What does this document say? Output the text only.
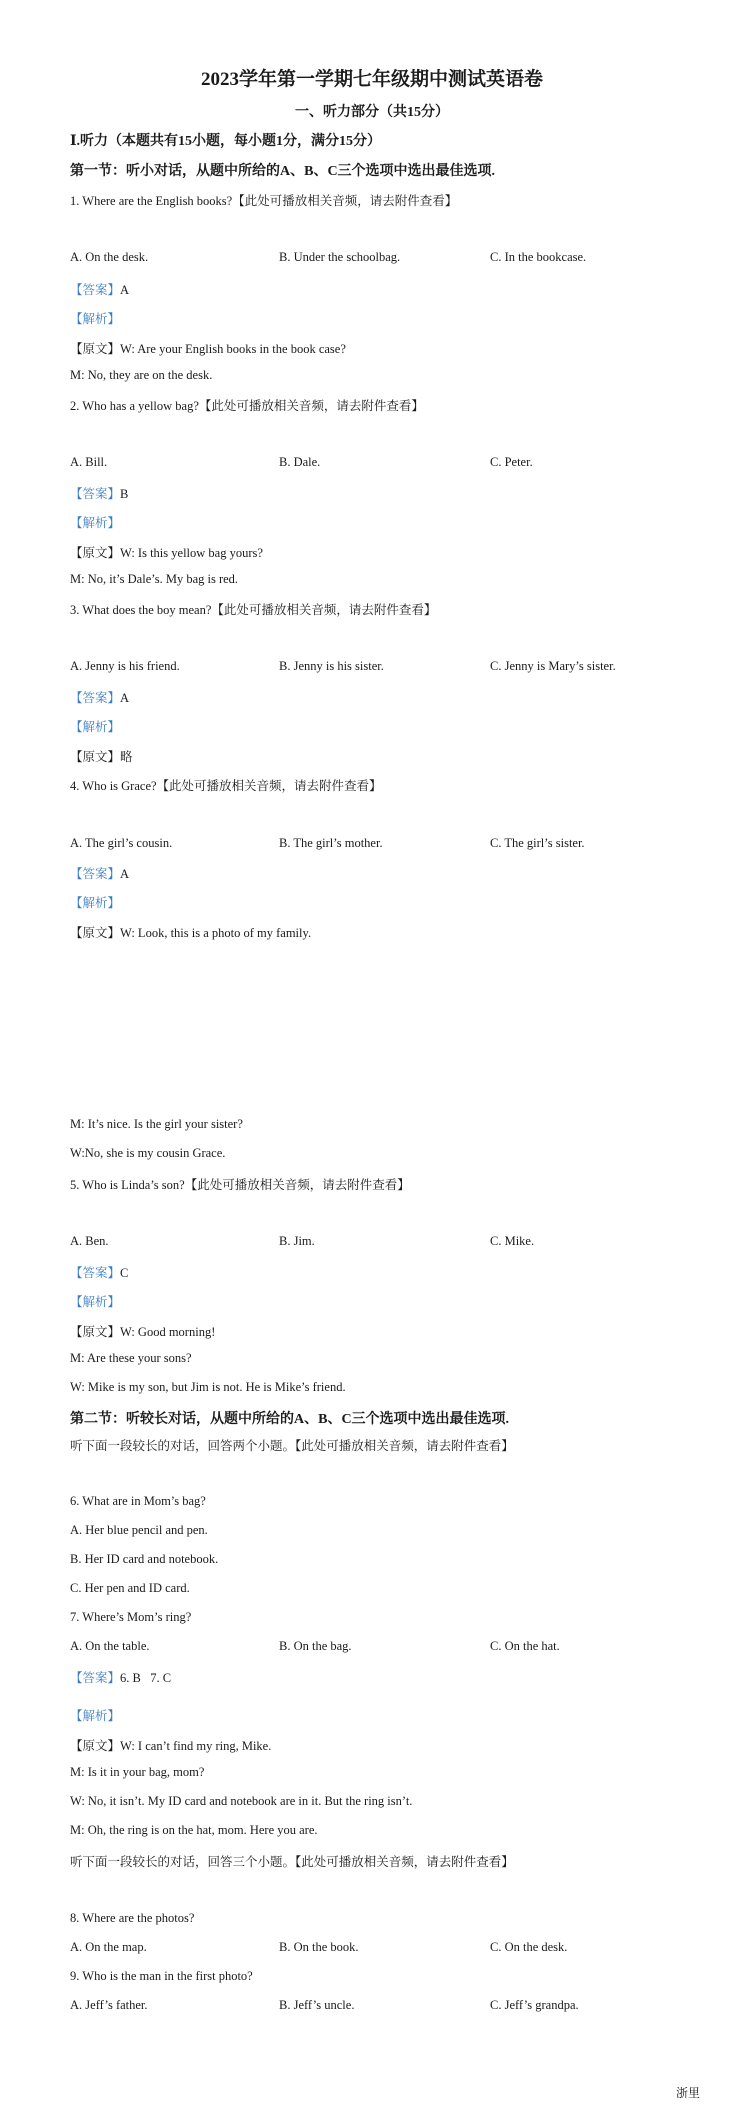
2023学年第一学期七年级期中测试英语卷
一、听力部分（共15分）
Ⅰ.听力（本题共有15小题，每小题1分，满分15分）
第一节：听小对话，从题中所给的A、B、C三个选项中选出最佳选项.
1. Where are the English books?【此处可播放相关音频，请去附件查看】
A. On the desk.	B. Under the schoolbag.	C. In the bookcase.
【答案】A
【解析】
【原文】W: Are your English books in the book case?
M: No, they are on the desk.
2. Who has a yellow bag?【此处可播放相关音频，请去附件查看】
A. Bill.	B. Dale.	C. Peter.
【答案】B
【解析】
【原文】W: Is this yellow bag yours?
M: No, it’s Dale’s. My bag is red.
3. What does the boy mean?【此处可播放相关音频，请去附件查看】
A. Jenny is his friend.	B. Jenny is his sister.	C. Jenny is Mary’s sister.
【答案】A
【解析】
【原文】略
4. Who is Grace?【此处可播放相关音频，请去附件查看】
A. The girl’s cousin.	B. The girl’s mother.	C. The girl’s sister.
【答案】A
【解析】
【原文】W: Look, this is a photo of my family.
M: It’s nice. Is the girl your sister?
W:No, she is my cousin Grace.
5. Who is Linda’s son?【此处可播放相关音频，请去附件查看】
A. Ben.	B. Jim.	C. Mike.
【答案】C
【解析】
【原文】W: Good morning!
M: Are these your sons?
W: Mike is my son, but Jim is not. He is Mike’s friend.
第二节：听较长对话，从题中所给的A、B、C三个选项中选出最佳选项.
听下面一段较长的对话，回答两个小题。【此处可播放相关音频，请去附件查看】
6. What are in Mom’s bag?
A. Her blue pencil and pen.
B. Her ID card and notebook.
C. Her pen and ID card.
7. Where’s Mom’s ring?
A. On the table.	B. On the bag.	C. On the hat.
【答案】6. B   7. C
【解析】
【原文】W: I can’t find my ring, Mike.
M: Is it in your bag, mom?
W: No, it isn’t. My ID card and notebook are in it. But the ring isn’t.
M: Oh, the ring is on the hat, mom. Here you are.
听下面一段较长的对话，回答三个小题。【此处可播放相关音频，请去附件查看】
8. Where are the photos?
A. On the map.	B. On the book.	C. On the desk.
9. Who is the man in the first photo?
A. Jeff’s father.	B. Jeff’s uncle.	C. Jeff’s grandpa.
浙里
